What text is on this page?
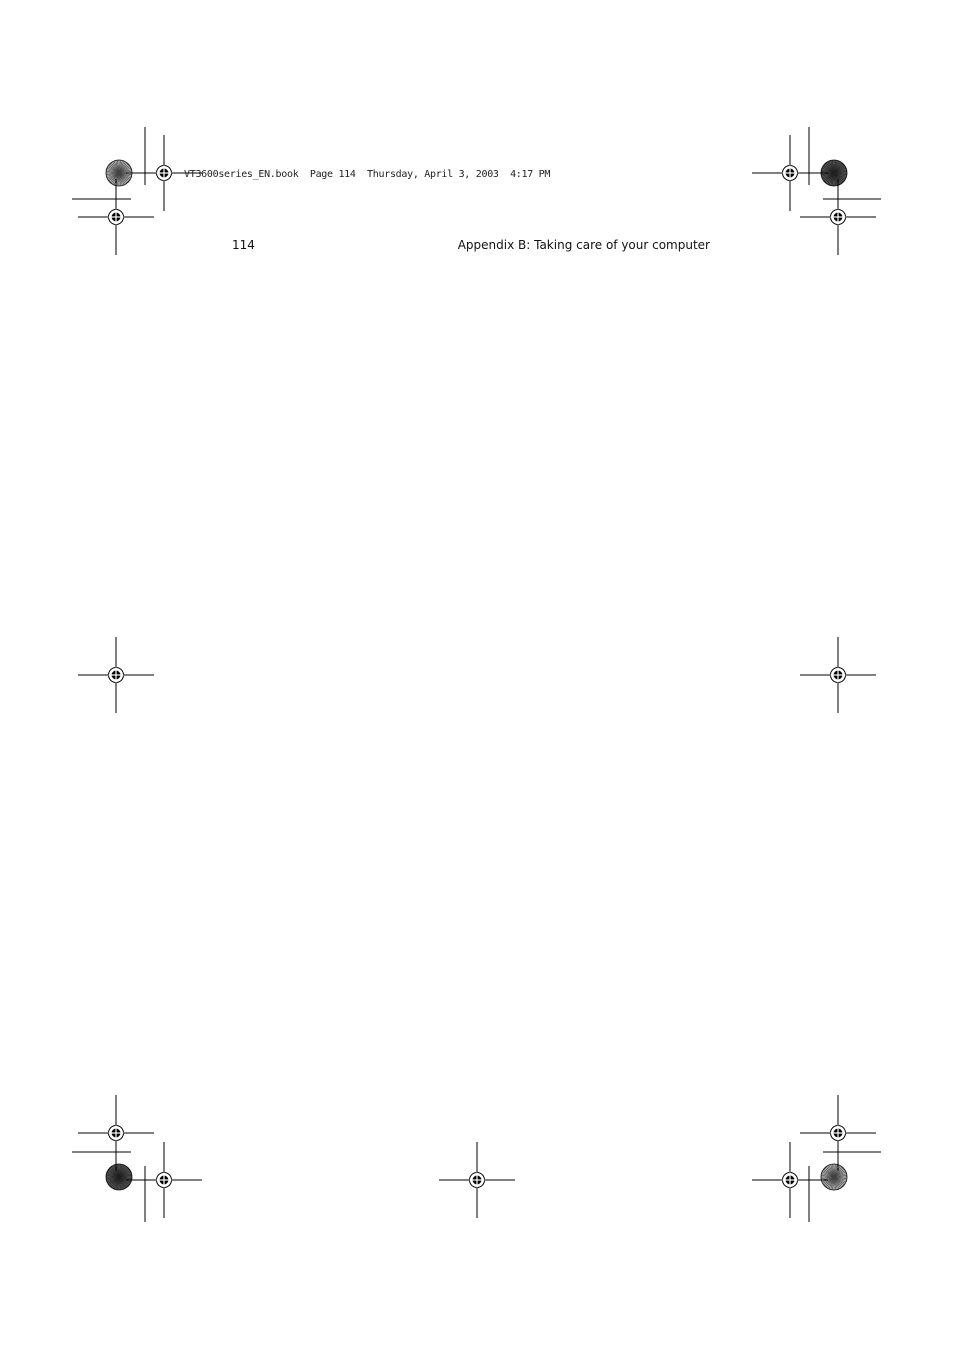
VT3600series_EN.book  Page 114  Thursday, April 3, 2003  4:17 PM
114	Appendix B: Taking care of your computer
